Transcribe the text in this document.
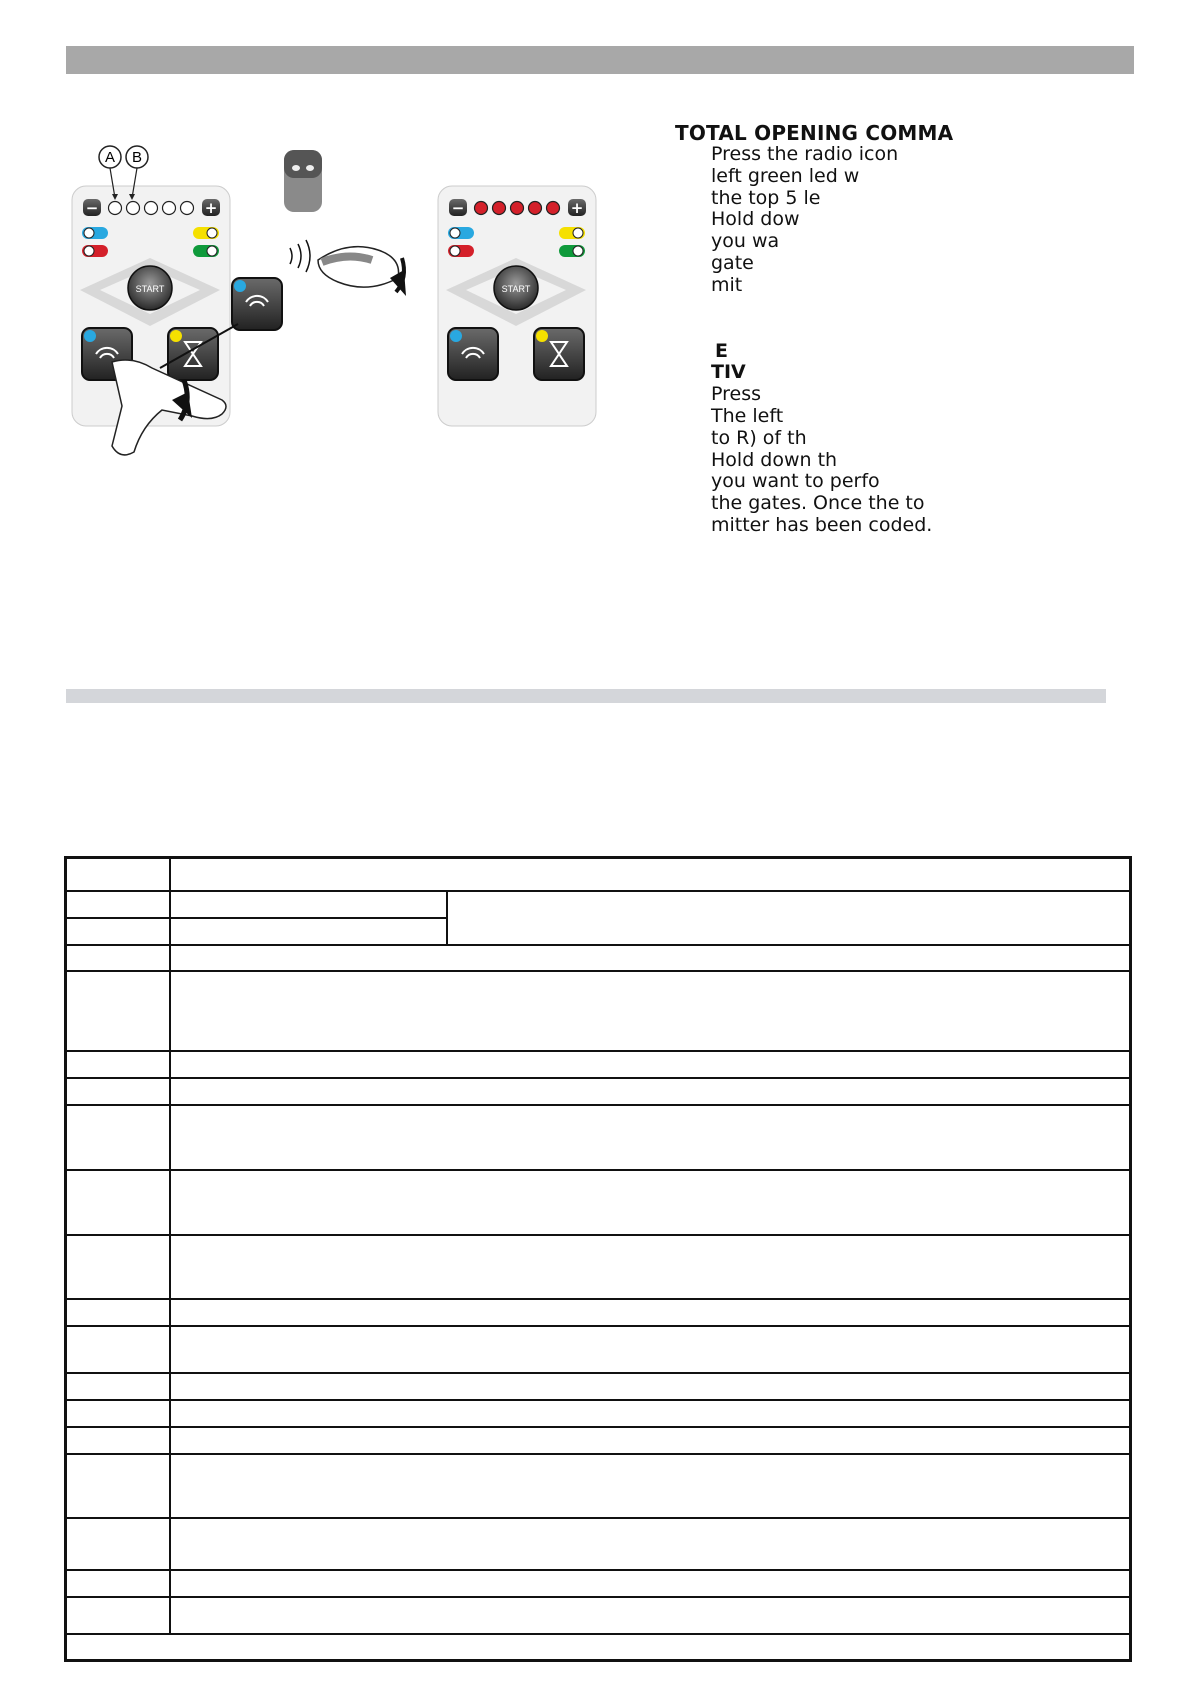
A B
−	+
START
−	+
START

TOTAL OPENING COMMA

Press the radio icon

left green led w

the top 5 le

Hold dow

you wa

gate

mit

E

TIV

Press

The left

to R) of th

Hold down th

you want to perfo

the gates. Once the to

mitter has been coded.
